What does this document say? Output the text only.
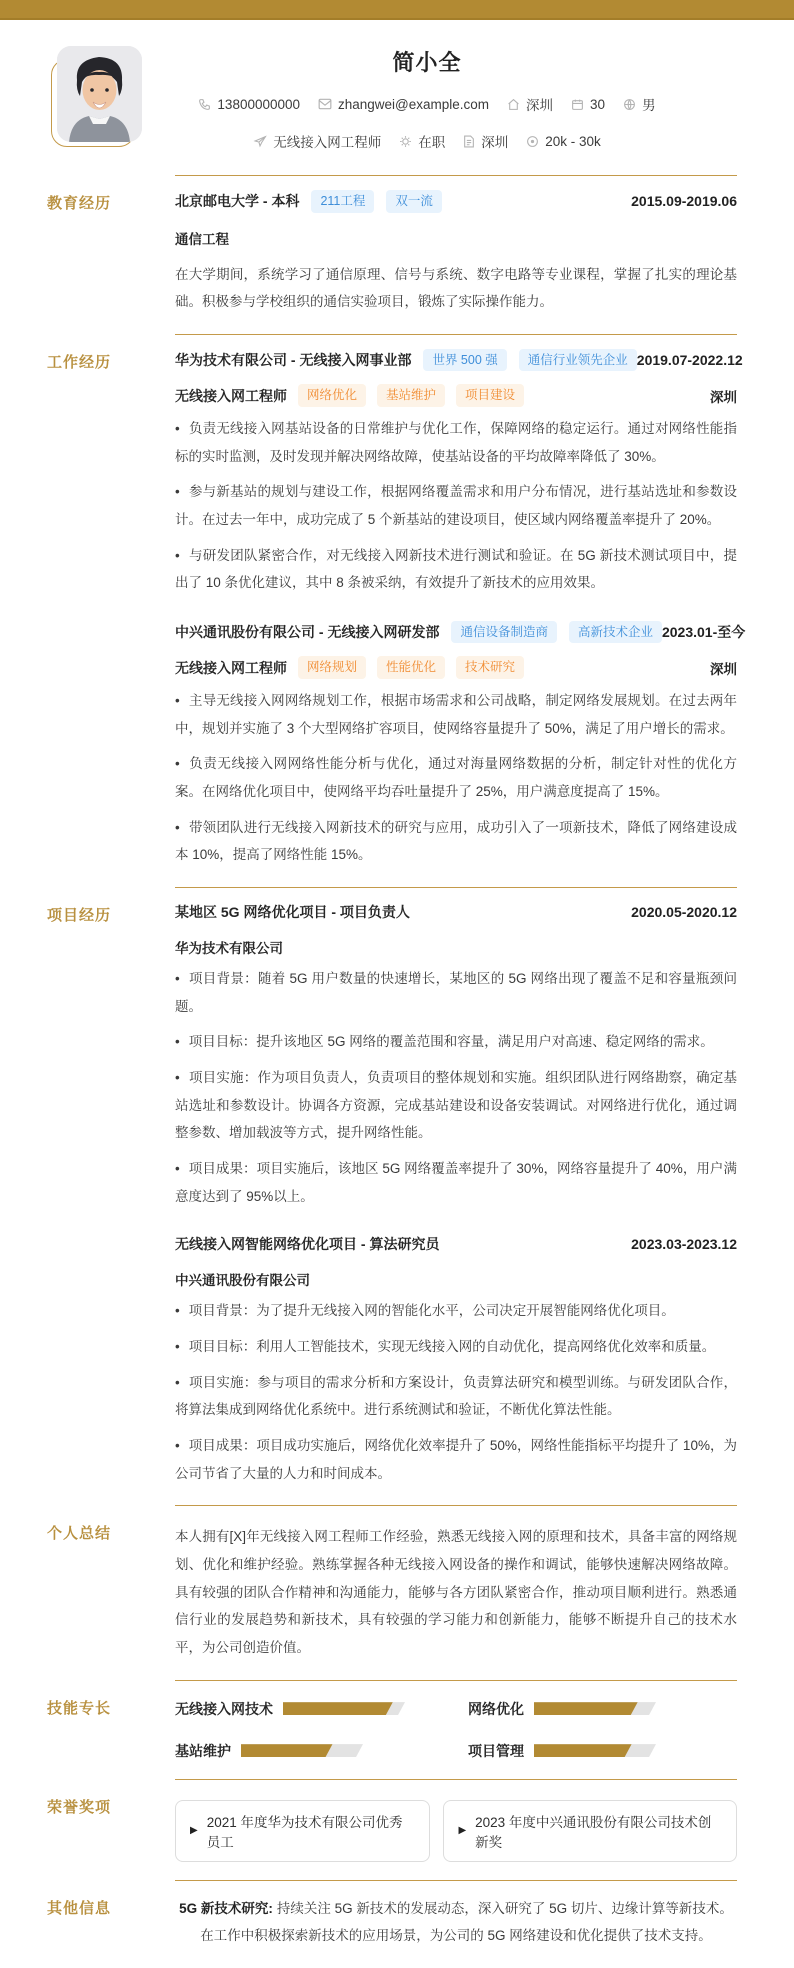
简小全
13800000000	zhangwei@example.com	深圳	30	男
无线接入网工程师	在职	深圳	20k - 30k
教育经历	北京邮电大学 - 本科	211工程	双一流	2015.09-2019.06
通信工程

在大学期间，系统学习了通信原理、信号与系统、数字电路等专业课程，掌握了扎实的理论基础。积极参与学校组织的通信实验项目，锻炼了实际操作能力。

工作经历	华为技术有限公司 - 无线接入网事业部	世界 500 强	通信行业领先企业 2019.07-2022.12
无线接入网工程师	网络优化	基站维护	项目建设	深圳

• 负责无线接入网基站设备的日常维护与优化工作，保障网络的稳定运行。通过对网络性能指标的实时监测，及时发现并解决网络故障，使基站设备的平均故障率降低了 30%。

• 参与新基站的规划与建设工作，根据网络覆盖需求和用户分布情况，进行基站选址和参数设计。在过去一年中，成功完成了 5 个新基站的建设项目，使区域内网络覆盖率提升了 20%。

• 与研发团队紧密合作，对无线接入网新技术进行测试和验证。在 5G 新技术测试项目中，提出了 10 条优化建议，其中 8 条被采纳，有效提升了新技术的应用效果。

中兴通讯股份有限公司 - 无线接入网研发部	通信设备制造商	高新技术企业 2023.01-至今
无线接入网工程师	网络规划	性能优化	技术研究	深圳

• 主导无线接入网网络规划工作，根据市场需求和公司战略，制定网络发展规划。在过去两年中，规划并实施了 3 个大型网络扩容项目，使网络容量提升了 50%，满足了用户增长的需求。

• 负责无线接入网网络性能分析与优化，通过对海量网络数据的分析，制定针对性的优化方案。在网络优化项目中，使网络平均吞吐量提升了 25%，用户满意度提高了 15%。

• 带领团队进行无线接入网新技术的研究与应用，成功引入了一项新技术，降低了网络建设成本 10%，提高了网络性能 15%。

项目经历	某地区 5G 网络优化项目 - 项目负责人	2020.05-2020.12
华为技术有限公司

• 项目背景：随着 5G 用户数量的快速增长，某地区的 5G 网络出现了覆盖不足和容量瓶颈问题。

• 项目目标：提升该地区 5G 网络的覆盖范围和容量，满足用户对高速、稳定网络的需求。

• 项目实施：作为项目负责人，负责项目的整体规划和实施。组织团队进行网络勘察，确定基站选址和参数设计。协调各方资源，完成基站建设和设备安装调试。对网络进行优化，通过调整参数、增加载波等方式，提升网络性能。

• 项目成果：项目实施后，该地区 5G 网络覆盖率提升了 30%，网络容量提升了 40%，用户满意度达到了 95%以上。

无线接入网智能网络优化项目 - 算法研究员	2023.03-2023.12
中兴通讯股份有限公司

• 项目背景：为了提升无线接入网的智能化水平，公司决定开展智能网络优化项目。

• 项目目标：利用人工智能技术，实现无线接入网的自动优化，提高网络优化效率和质量。

• 项目实施：参与项目的需求分析和方案设计，负责算法研究和模型训练。与研发团队合作，将算法集成到网络优化系统中。进行系统测试和验证，不断优化算法性能。

• 项目成果：项目成功实施后，网络优化效率提升了 50%，网络性能指标平均提升了 10%，为公司节省了大量的人力和时间成本。

个人总结	本人拥有[X]年无线接入网工程师工作经验，熟悉无线接入网的原理和技术，具备丰富的网络规划、优化和维护经验。熟练掌握各种无线接入网设备的操作和调试，能够快速解决网络故障。具有较强的团队合作精神和沟通能力，能够与各方团队紧密合作，推动项目顺利进行。熟悉通信行业的发展趋势和新技术，具有较强的学习能力和创新能力，能够不断提升自己的技术水平，为公司创造价值。

技能专长	无线接入网技术	网络优化
基站维护	项目管理
荣誉奖项
▶
2021 年度华为技术有限公司优秀员工
▶
2023 年度中兴通讯股份有限公司技术创新奖
其他信息	5G 新技术研究: 持续关注 5G 新技术的发展动态，深入研究了 5G 切片、边缘计算等新技术。在工作中积极探索新技术的应用场景，为公司的 5G 网络建设和优化提供了技术支持。
